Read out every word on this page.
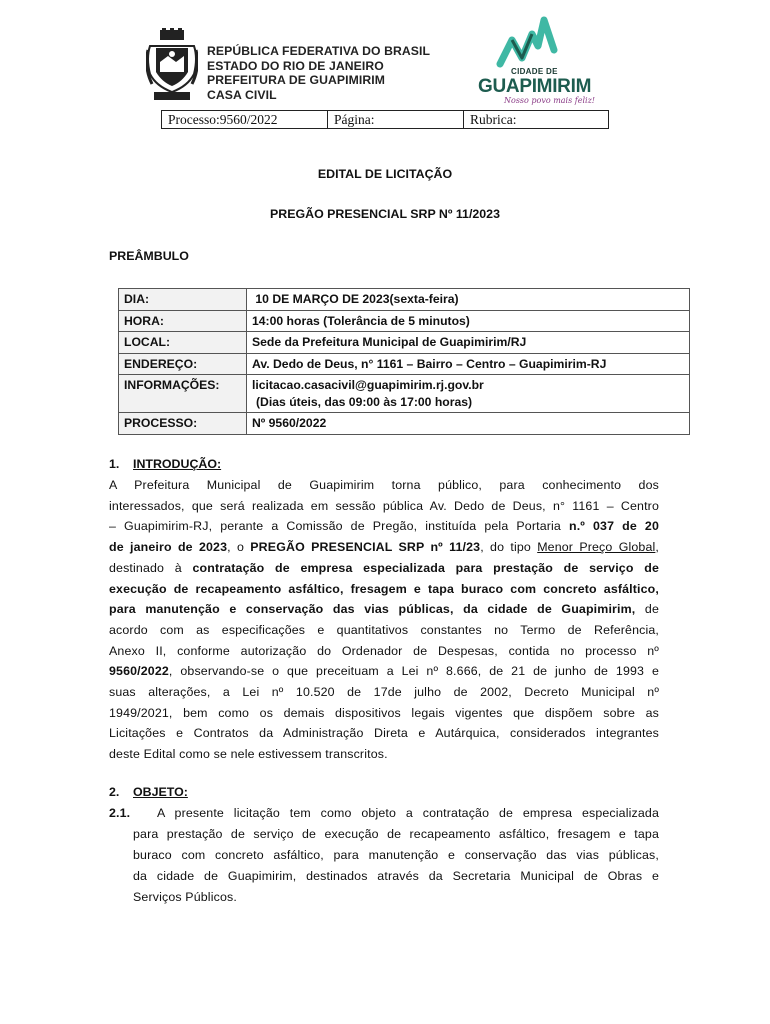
REPÚBLICA FEDERATIVA DO BRASIL
ESTADO DO RIO DE JANEIRO
PREFEITURA DE GUAPIMIRIM
CASA CIVIL
CIDADE DE
GUAPIMIRIM
Nosso povo mais feliz!
Processo:9560/2022	Página:	Rubrica:
EDITAL DE LICITAÇÃO
PREGÃO PRESENCIAL SRP Nº 11/2023
PREÂMBULO
DIA:	10 DE MARÇO DE 2023(sexta-feira)
HORA:	14:00 horas (Tolerância de 5 minutos)
LOCAL:	Sede da Prefeitura Municipal de Guapimirim/RJ
ENDEREÇO:	Av. Dedo de Deus, n° 1161 – Bairro – Centro – Guapimirim-RJ
INFORMAÇÕES:	licitacao.casacivil@guapimirim.rj.gov.br
(Dias úteis, das 09:00 às 17:00 horas)
PROCESSO:	Nº 9560/2022
1. INTRODUÇÃO:
A Prefeitura Municipal de Guapimirim torna público, para conhecimento dos
interessados, que será realizada em sessão pública Av. Dedo de Deus, n° 1161 – Centro
– Guapimirim-RJ, perante a Comissão de Pregão, instituída pela Portaria n.º 037 de 20
de janeiro de 2023, o PREGÃO PRESENCIAL SRP nº 11/23, do tipo Menor Preço Global,
destinado à contratação de empresa especializada para prestação de serviço de
execução de recapeamento asfáltico, fresagem e tapa buraco com concreto asfáltico,
para manutenção e conservação das vias públicas, da cidade de Guapimirim, de
acordo com as especificações e quantitativos constantes no Termo de Referência,
Anexo II, conforme autorização do Ordenador de Despesas, contida no processo nº
9560/2022, observando-se o que preceituam a Lei nº 8.666, de 21 de junho de 1993 e
suas alterações, a Lei nº 10.520 de 17de julho de 2002, Decreto Municipal nº
1949/2021, bem como os demais dispositivos legais vigentes que dispõem sobre as
Licitações e Contratos da Administração Direta e Autárquica, considerados integrantes
deste Edital como se nele estivessem transcritos.
2. OBJETO:
2.1. A presente licitação tem como objeto a contratação de empresa especializada
para prestação de serviço de execução de recapeamento asfáltico, fresagem e tapa
buraco com concreto asfáltico, para manutenção e conservação das vias públicas,
da cidade de Guapimirim, destinados através da Secretaria Municipal de Obras e
Serviços Públicos.
